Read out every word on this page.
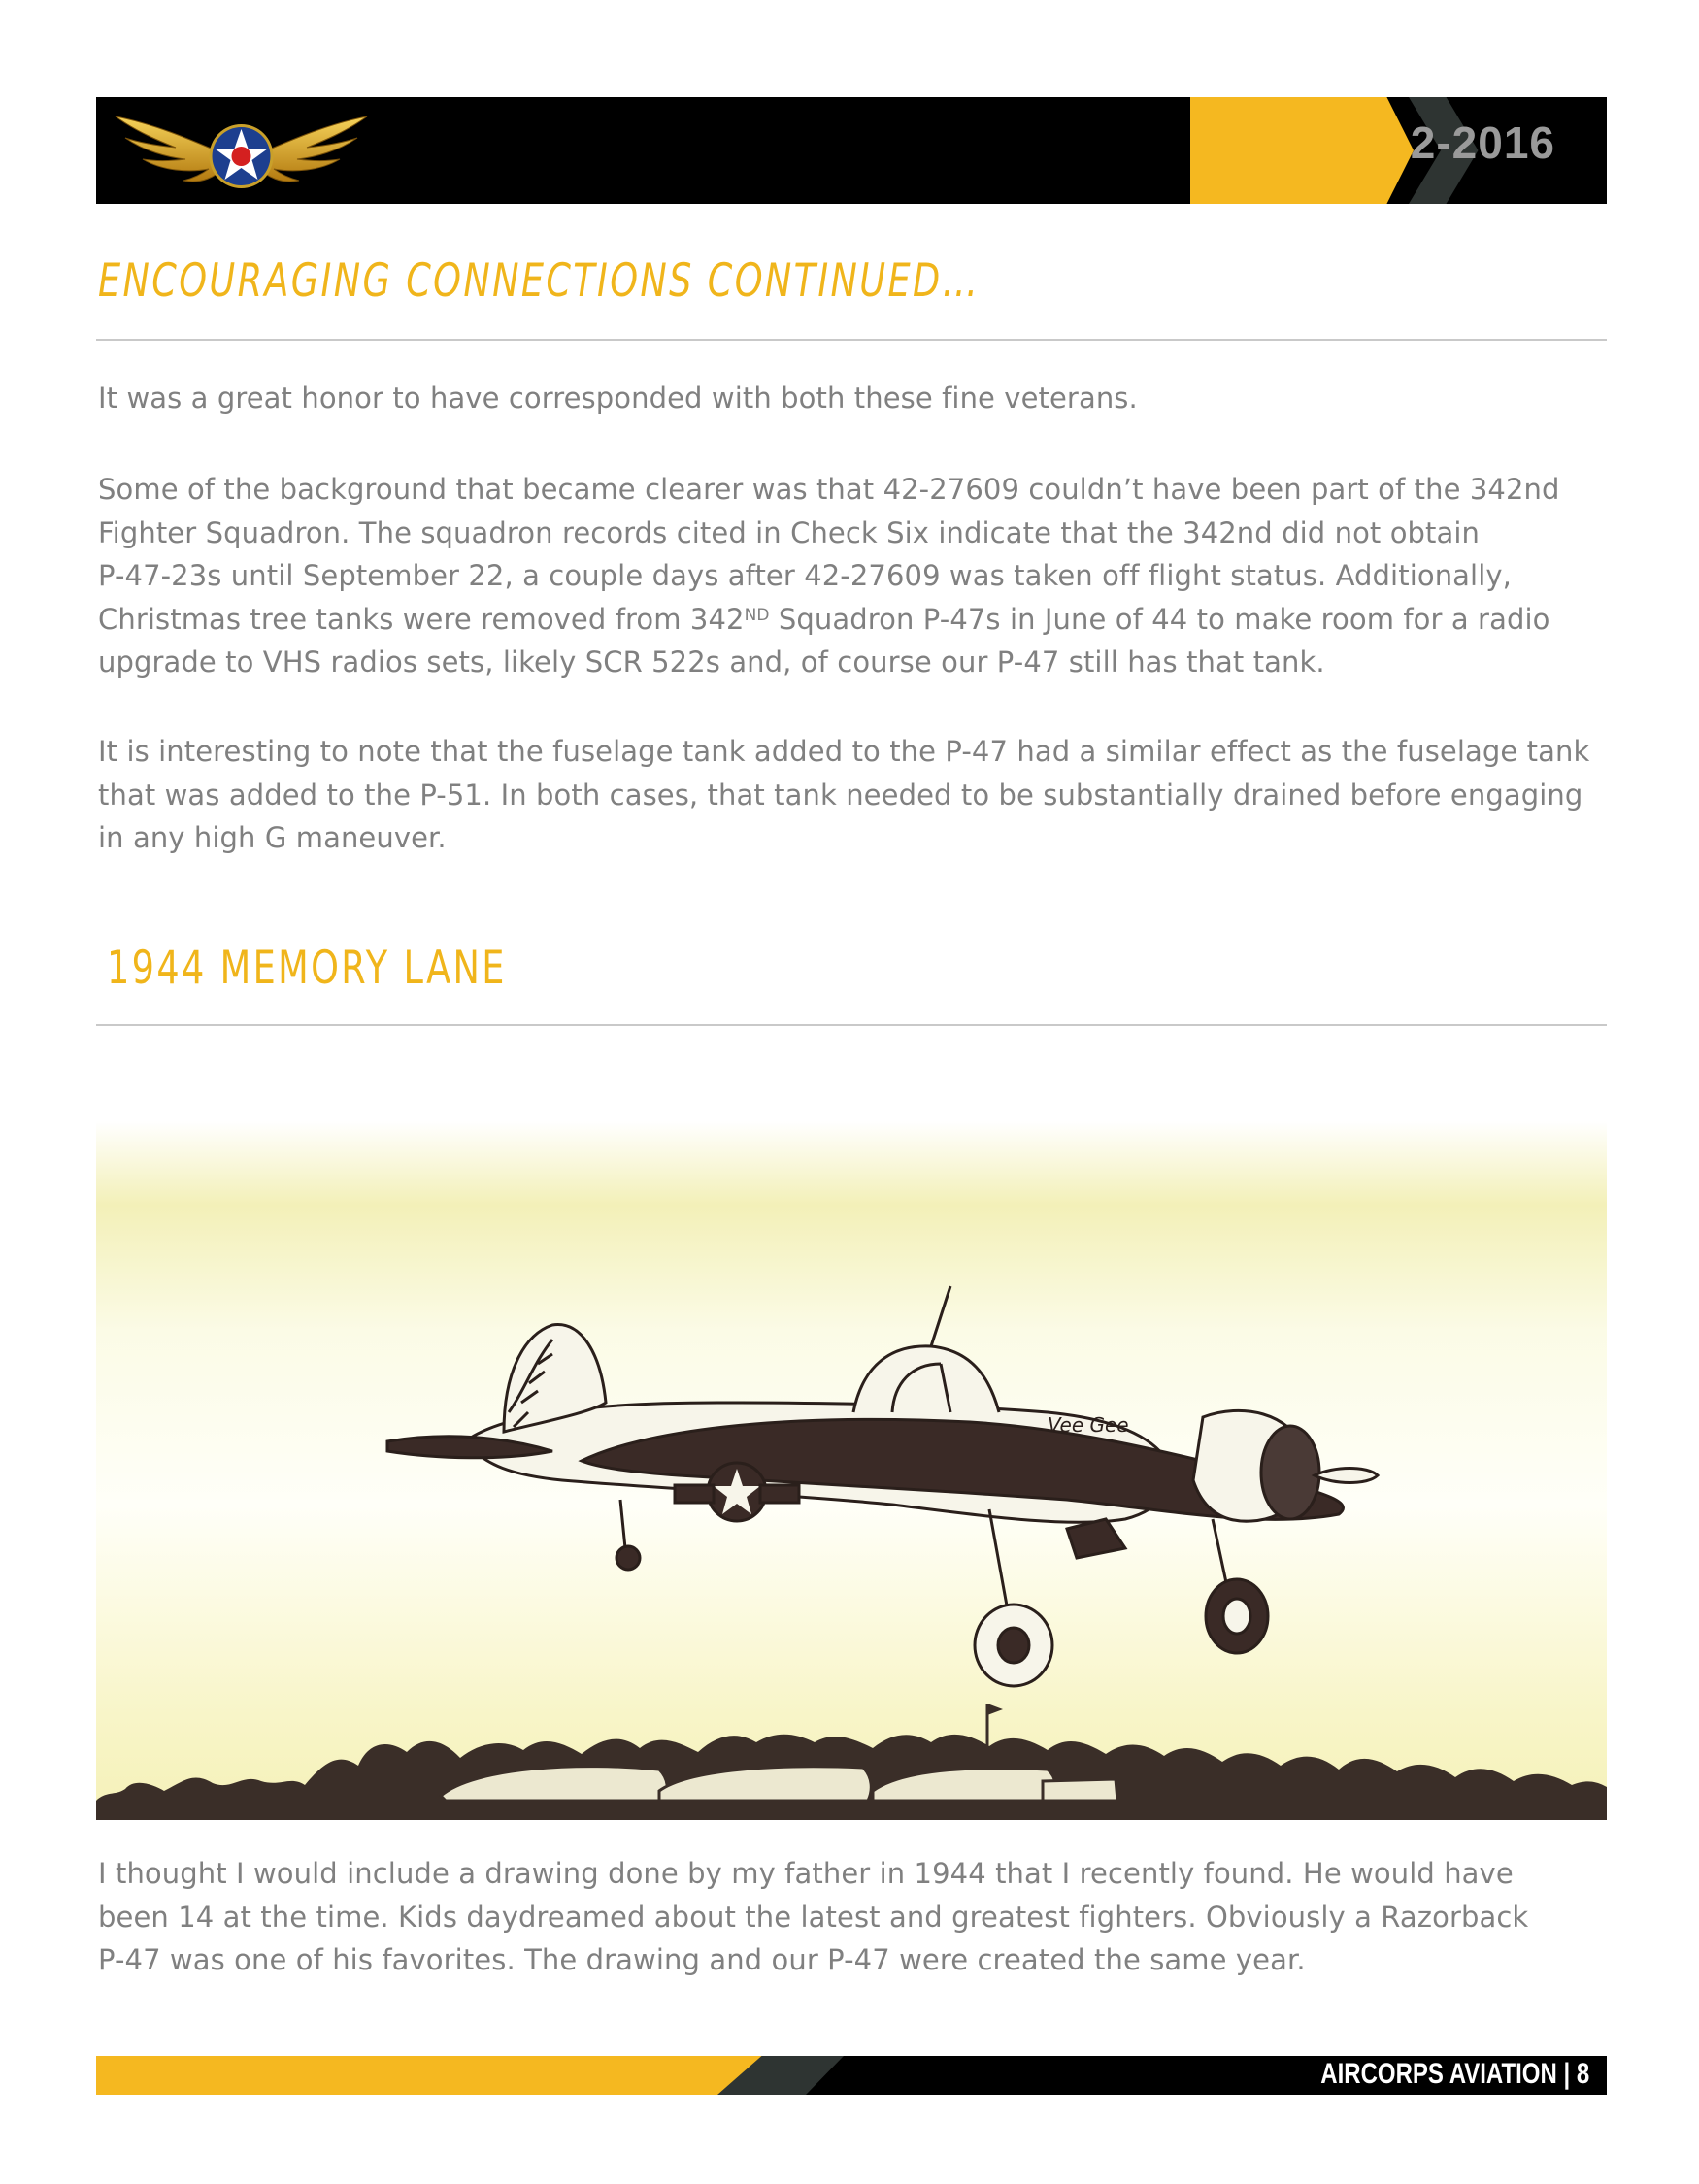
2-2016
ENCOURAGING CONNECTIONS CONTINUED…
It was a great honor to have corresponded with both these fine veterans.
Some of the background that became clearer was that 42-27609 couldn’t have been part of the 342nd
Fighter Squadron. The squadron records cited in Check Six indicate that the 342nd did not obtain
P-47-23s until September 22, a couple days after 42-27609 was taken off flight status. Additionally,
Christmas tree tanks were removed from 342ND Squadron P-47s in June of 44 to make room for a radio
upgrade to VHS radios sets, likely SCR 522s and, of course our P-47 still has that tank.
It is interesting to note that the fuselage tank added to the P-47 had a similar effect as the fuselage tank
that was added to the P-51. In both cases, that tank needed to be substantially drained before engaging
in any high G maneuver.
1944 MEMORY LANE
Vee Gee
I thought I would include a drawing done by my father in 1944 that I recently found. He would have
been 14 at the time. Kids daydreamed about the latest and greatest fighters. Obviously a Razorback
P-47 was one of his favorites. The drawing and our P-47 were created the same year.
AIRCORPS AVIATION | 8
